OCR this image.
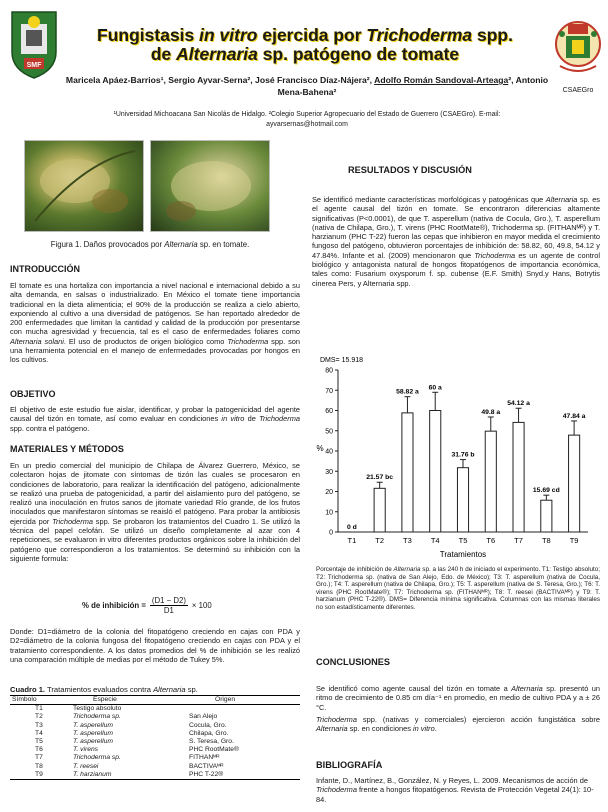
SMF
CSAEGro
Fungistasis in vitro ejercida por Trichoderma spp.
de Alternaria sp. patógeno de tomate
Maricela Apáez-Barrios¹, Sergio Ayvar-Serna², José Francisco Díaz-Nájera², Adolfo Román Sandoval-Arteaga², Antonio Mena-Bahena²
¹Universidad Michoacana San Nicolás de Hidalgo. ²Colegio Superior Agropecuario del Estado de Guerrero (CSAEGro). E-mail:
ayvarsernas@hotmail.com
Figura 1. Daños provocados por Alternaria sp. en tomate.
INTRODUCCIÓN
El tomate es una hortaliza con importancia a nivel nacional e internacional debido a su alta demanda, en salsas o industrializado. En México el tomate tiene importancia tradicional en la dieta alimenticia; el 90% de la producción se realiza a cielo abierto, exponiendo al cultivo a una diversidad de patógenos. Se han reportado alrededor de 200 enfermedades que limitan la cantidad y calidad de la producción por presentarse con mucha agresividad y frecuencia, tal es el caso de enfermedades foliares como Alternaria solani. El uso de productos de origen biológico como Trichoderma spp. son una herramienta potencial en el manejo de enfermedades provocadas por hongos en los cultivos.
OBJETIVO
El objetivo de este estudio fue aislar, identificar, y probar la patogenicidad del agente causal del tizón en tomate, así como evaluar en condiciones in vitro de Trichoderma spp. contra el patógeno.
MATERIALES Y MÉTODOS
En un predio comercial del municipio de Chilapa de Álvarez Guerrero, México, se colectaron hojas de jitomate con síntomas de tizón las cuales se procesaron en condiciones de laboratorio, para realizar la identificación del patógeno, adicionalmente se realizó una prueba de patogenicidad, a partir del aislamiento puro del patógeno, se realizó una inoculación en frutos sanos de jitomate variedad Río grande, de los frutos inoculados que manifestaron síntomas se reaisló el patógeno. Para probar la antibiosis ejercida por Trichoderma spp. Se probaron los tratamientos del Cuadro 1. Se utilizó la técnica del papel celofán. Se utilizó un diseño completamente al azar con 4 repeticiones, se evaluaron in vitro diferentes productos orgánicos sobre la inhibición del patógeno que correspondieron a los tratamientos. Se determinó su inhibición con la siguiente formula:
% de inhibición = $\frac{(D1 - D2)}{D1} \times 100$
Donde: D1=diámetro de la colonia del fitopatógeno creciendo en cajas con PDA y D2=diámetro de la colonia fungosa del fitopatógeno creciendo en cajas con PDA y el tratamiento correspondiente. A los datos promedios del % de inhibición se les realizó una comparación múltiple de medias por el método de Tukey 5%.
Cuadro 1. Tratamientos evaluados contra Alternaria sp.
Símbolo	Especie	Origen
T1	Testigo absoluto	
T2	Trichoderma sp.	San Alejo
T3	T. asperellum	Cocula, Gro.
T4	T. asperellum	Chilapa, Gro.
T5	T. asperellum	S. Teresa, Gro.
T6	T. virens	PHC RootMate®
T7	Trichoderma sp.	FITHANᴹᴿ
T8	T. reesei	BACTIVAᴹᴿ
T9	T. harzianum	PHC T-22®
RESULTADOS Y DISCUSIÓN
Se identificó mediante características morfológicas y patogénicas que Alternaria sp. es el agente causal del tizón en tomate. Se encontraron diferencias altamente significativas (P<0.0001), de que T. asperellum (nativa de Cocula, Gro.), T. asperellum (nativa de Chilapa, Gro.), T. virens (PHC RootMate®), Trichoderma sp. (FITHANᴹᴿ) y T. harzianum (PHC T-22) fueron las cepas que inhibieron en mayor medida el crecimiento fungoso del patógeno, obtuvieron porcentajes de inhibición de: 58.82, 60, 49.8, 54.12 y 47.84%. Infante et al. (2009) mencionaron que Trichoderma es un agente de control biológico y antagonista natural de hongos fitopatógenos de importancia económica, tales como: Fusarium oxysporum f. sp. cubense (E.F. Smith) Snyd.y Hans, Botrytis cinerea Pers, y Alternaria spp.
0
10
20
30
40
50
60
70
80
%
DMS= 15.918
0 d
T1
21.57 bc
T2
58.82 a
T3
60 a
T4
31.76 b
T5
49.8 a
T6
54.12 a
T7
15.69 cd
T8
47.84 a
T9
Tratamientos
Porcentaje de inhibición de Alternaria sp. a las 240 h de iniciado el experimento. T1: Testigo absoluto; T2: Trichoderma sp. (nativa de San Alejo, Edo. de México); T3: T. asperellum (nativa de Cocula, Gro.); T4: T. asperellum (nativa de Chilapa, Gro.); T5: T. asperellum (nativa de S. Teresa, Gro.); T6: T. virens (PHC RootMate®); T7: Trichoderma sp. (FITHANᴹᴿ); T8: T. reesei (BACTIVAᴹᴿ) y T9: T. harzianum (PHC T-22®). DMS= Diferencia mínima significativa. Columnas con las mismas literales no son estadísticamente diferentes.
CONCLUSIONES
Se identificó como agente causal del tizón en tomate a Alternaria sp. presentó un ritmo de crecimiento de 0.85 cm día⁻¹ en promedio, en medio de cultivo PDA y a ± 26 °C.
Trichoderma spp. (nativas y comerciales) ejercieron acción fungistática sobre Alternaria sp. en condiciones in vitro.
BIBLIOGRAFÍA
Infante, D., Martínez, B., González, N. y Reyes, L. 2009. Mecanismos de acción de Trichoderma frente a hongos fitopatógenos. Revista de Protección Vegetal 24(1): 10-84.
